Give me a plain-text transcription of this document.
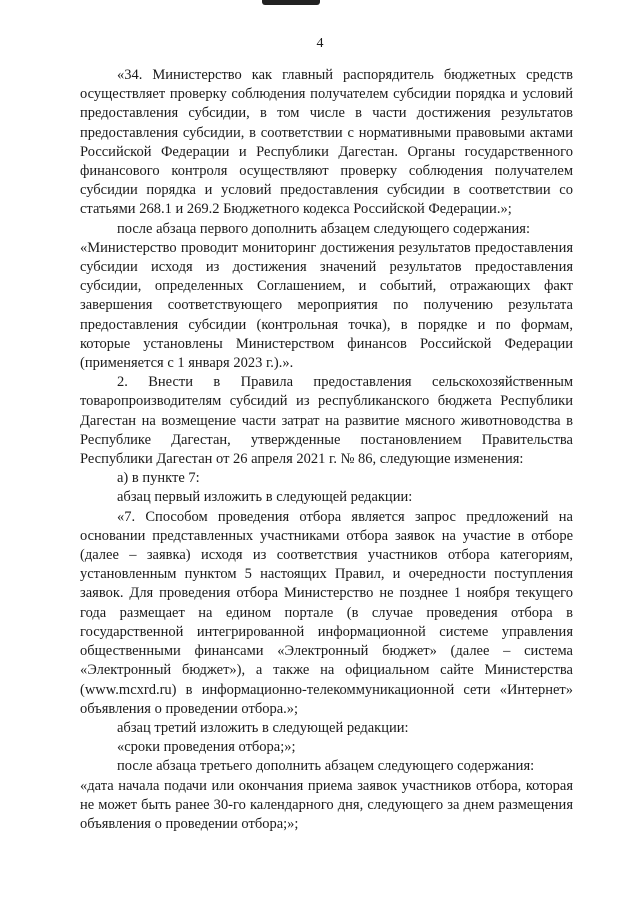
4

«34. Министерство как главный распорядитель бюджетных средств осуществляет проверку соблюдения получателем субсидии порядка и условий предоставления субсидии, в том числе в части достижения результатов предоставления субсидии, в соответствии с нормативными правовыми актами Российской Федерации и Республики Дагестан. Органы государственного финансового контроля осуществляют проверку соблюдения получателем субсидии порядка и условий предоставления субсидии в соответствии со статьями 268.1 и 269.2 Бюджетного кодекса Российской Федерации.»;

после абзаца первого дополнить абзацем следующего содержания:

«Министерство проводит мониторинг достижения результатов предоставления субсидии исходя из достижения значений результатов предоставления субсидии, определенных Соглашением, и событий, отражающих факт завершения соответствующего мероприятия по получению результата предоставления субсидии (контрольная точка), в порядке и по формам, которые установлены Министерством финансов Российской Федерации (применяется с 1 января 2023 г.).».

2. Внести в Правила предоставления сельскохозяйственным товаропроизводителям субсидий из республиканского бюджета Республики Дагестан на возмещение части затрат на развитие мясного животноводства в Республике Дагестан, утвержденные постановлением Правительства Республики Дагестан от 26 апреля 2021 г. № 86, следующие изменения:

а) в пункте 7:

абзац первый изложить в следующей редакции:

«7. Способом проведения отбора является запрос предложений на основании представленных участниками отбора заявок на участие в отборе (далее – заявка) исходя из соответствия участников отбора категориям, установленным пунктом 5 настоящих Правил, и очередности поступления заявок. Для проведения отбора Министерство не позднее 1 ноября текущего года размещает на едином портале (в случае проведения отбора в государственной интегрированной информационной системе управления общественными финансами «Электронный бюджет» (далее – система «Электронный бюджет»), а также на официальном сайте Министерства (www.mcxrd.ru) в информационно-телекоммуникационной сети «Интернет» объявления о проведении отбора.»;

абзац третий изложить в следующей редакции:

«сроки проведения отбора;»;

после абзаца третьего дополнить абзацем следующего содержания:

«дата начала подачи или окончания приема заявок участников отбора, которая не может быть ранее 30-го календарного дня, следующего за днем размещения объявления о проведении отбора;»;
